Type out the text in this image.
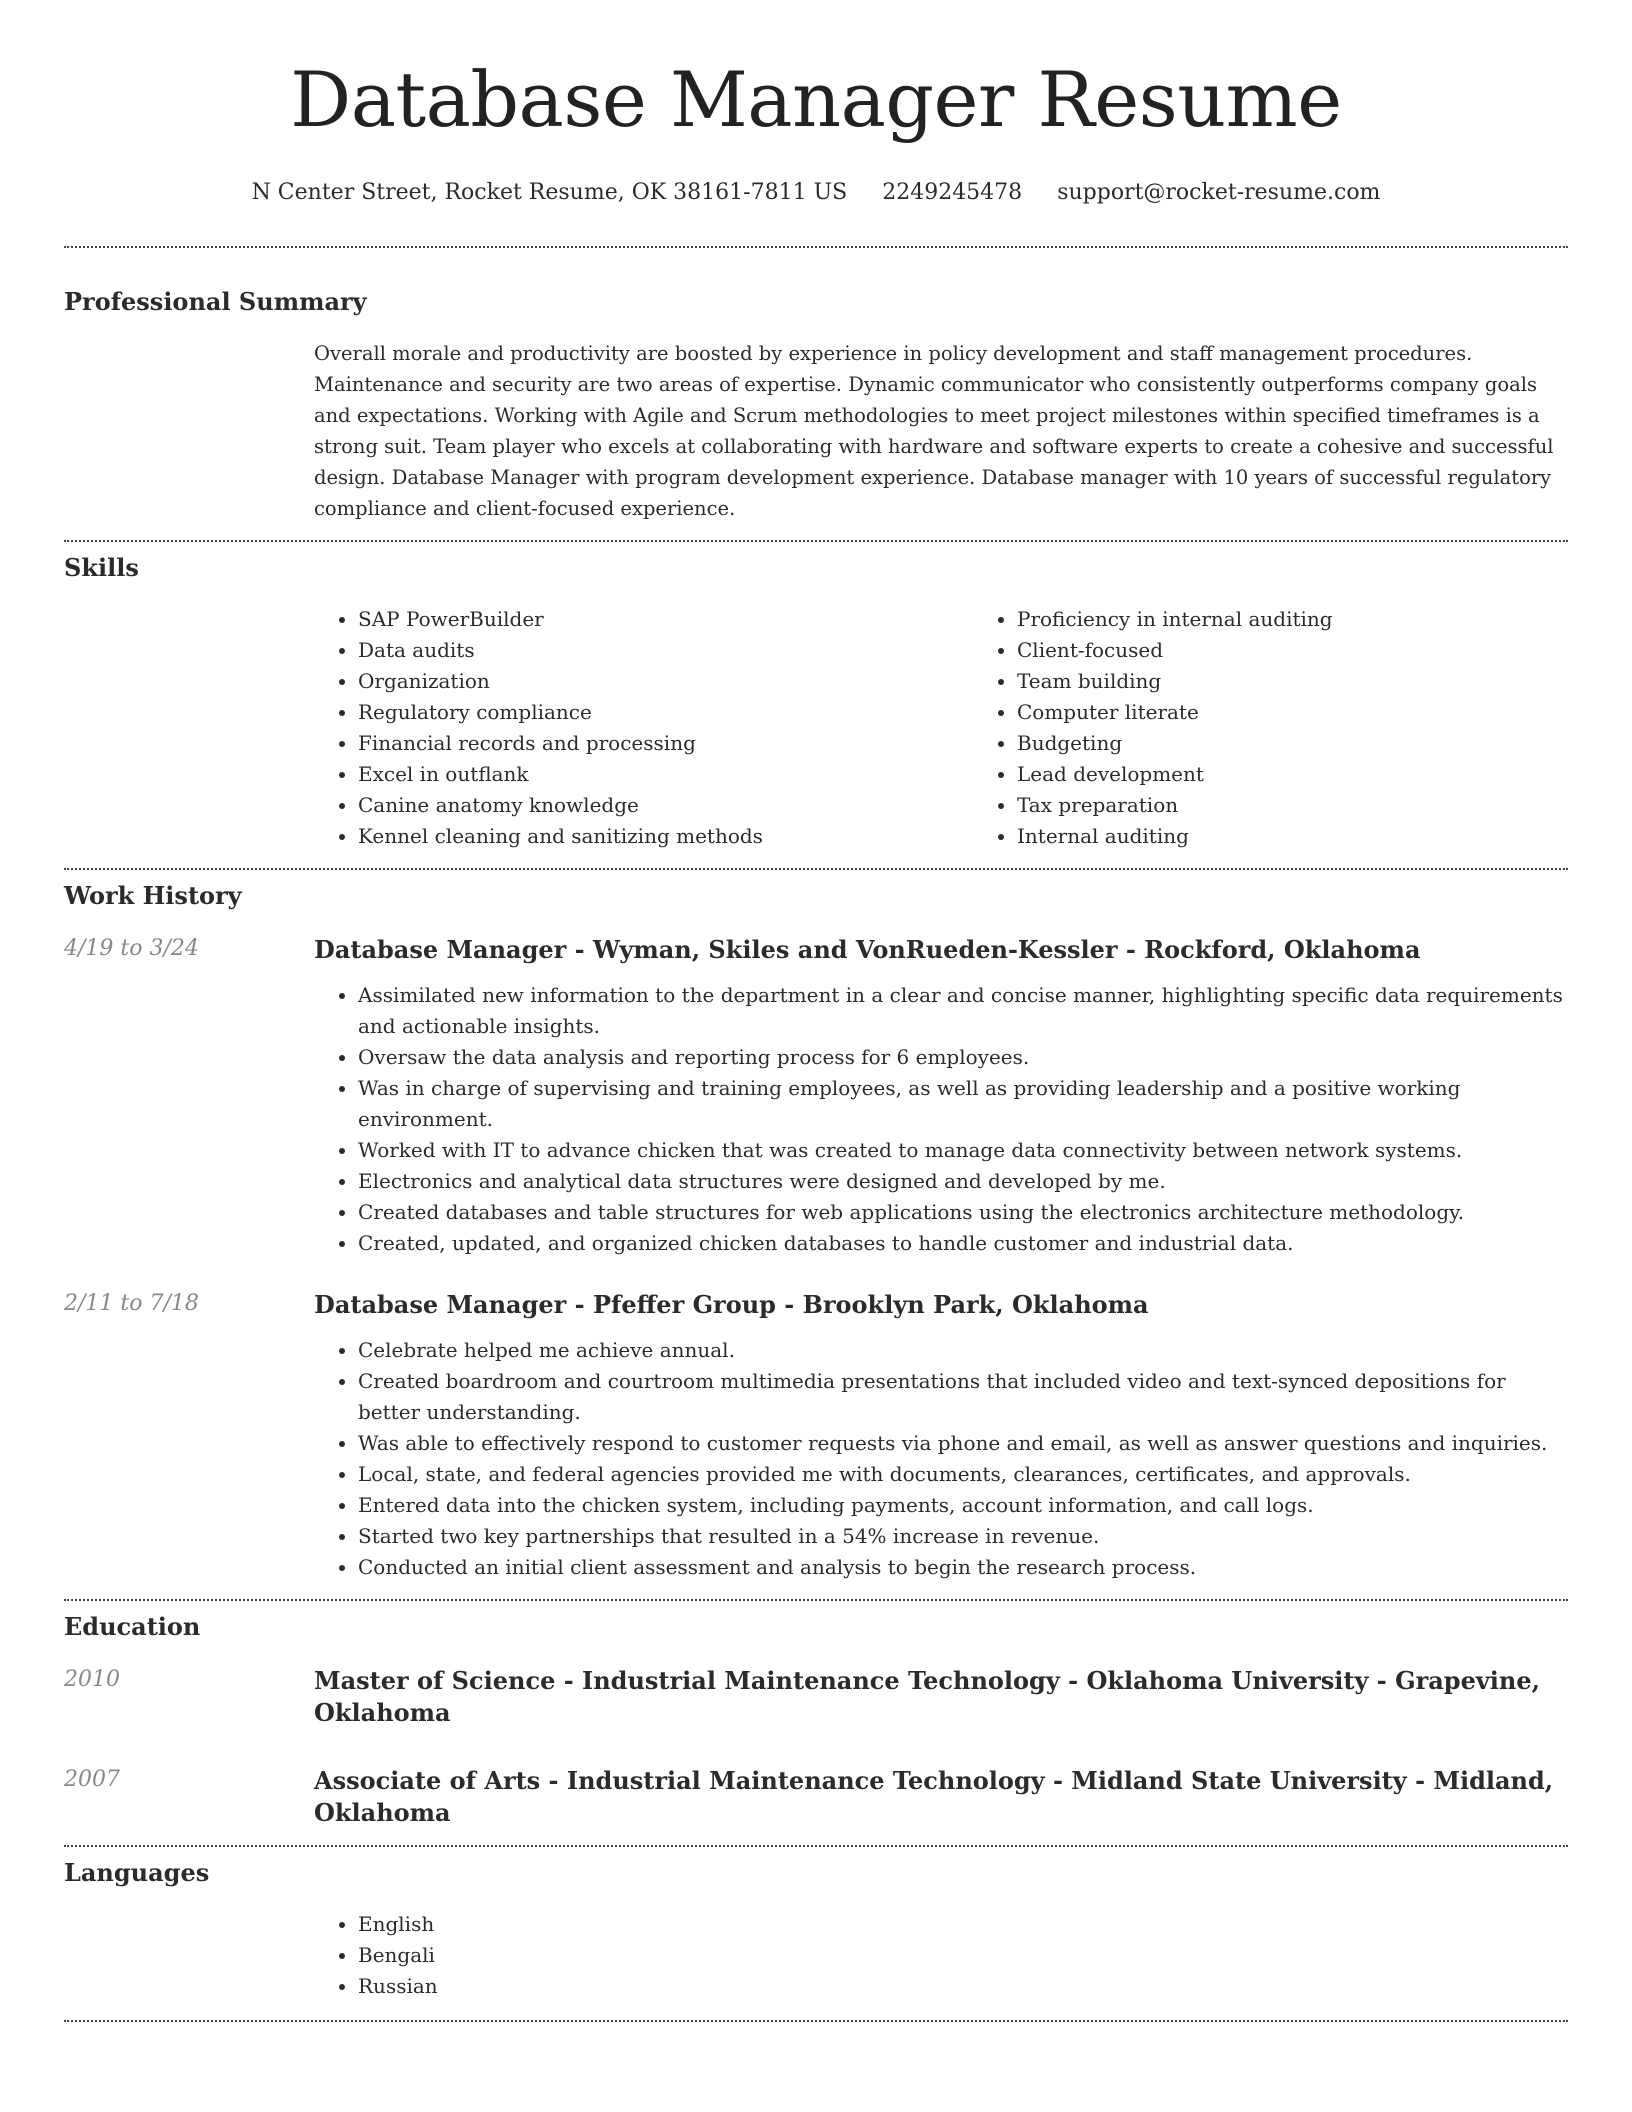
Database Manager Resume
N Center Street, Rocket Resume, OK 38161-7811 US 2249245478 support@rocket-resume.com
Professional Summary

Overall morale and productivity are boosted by experience in policy development and staff management procedures. Maintenance and security are two areas of expertise. Dynamic communicator who consistently outperforms company goals and expectations. Working with Agile and Scrum methodologies to meet project milestones within specified timeframes is a strong suit. Team player who excels at collaborating with hardware and software experts to create a cohesive and successful design. Database Manager with program development experience. Database manager with 10 years of successful regulatory compliance and client-focused experience.

Skills
• SAP PowerBuilder
• Data audits
• Organization
• Regulatory compliance
• Financial records and processing
• Excel in outflank
• Canine anatomy knowledge
• Kennel cleaning and sanitizing methods
• Proficiency in internal auditing
• Client-focused
• Team building
• Computer literate
• Budgeting
• Lead development
• Tax preparation
• Internal auditing
Work History
4/19 to 3/24	Database Manager - Wyman, Skiles and VonRueden-Kessler - Rockford, Oklahoma
• Assimilated new information to the department in a clear and concise manner, highlighting specific data requirements and actionable insights.
• Oversaw the data analysis and reporting process for 6 employees.
• Was in charge of supervising and training employees, as well as providing leadership and a positive working environment.
• Worked with IT to advance chicken that was created to manage data connectivity between network systems.
• Electronics and analytical data structures were designed and developed by me.
• Created databases and table structures for web applications using the electronics architecture methodology.
• Created, updated, and organized chicken databases to handle customer and industrial data.
2/11 to 7/18	Database Manager - Pfeffer Group - Brooklyn Park, Oklahoma
• Celebrate helped me achieve annual.
• Created boardroom and courtroom multimedia presentations that included video and text-synced depositions for better understanding.
• Was able to effectively respond to customer requests via phone and email, as well as answer questions and inquiries.
• Local, state, and federal agencies provided me with documents, clearances, certificates, and approvals.
• Entered data into the chicken system, including payments, account information, and call logs.
• Started two key partnerships that resulted in a 54% increase in revenue.
• Conducted an initial client assessment and analysis to begin the research process.
Education
2010	Master of Science - Industrial Maintenance Technology - Oklahoma University - Grapevine, Oklahoma
2007	Associate of Arts - Industrial Maintenance Technology - Midland State University - Midland, Oklahoma
Languages
• English
• Bengali
• Russian
